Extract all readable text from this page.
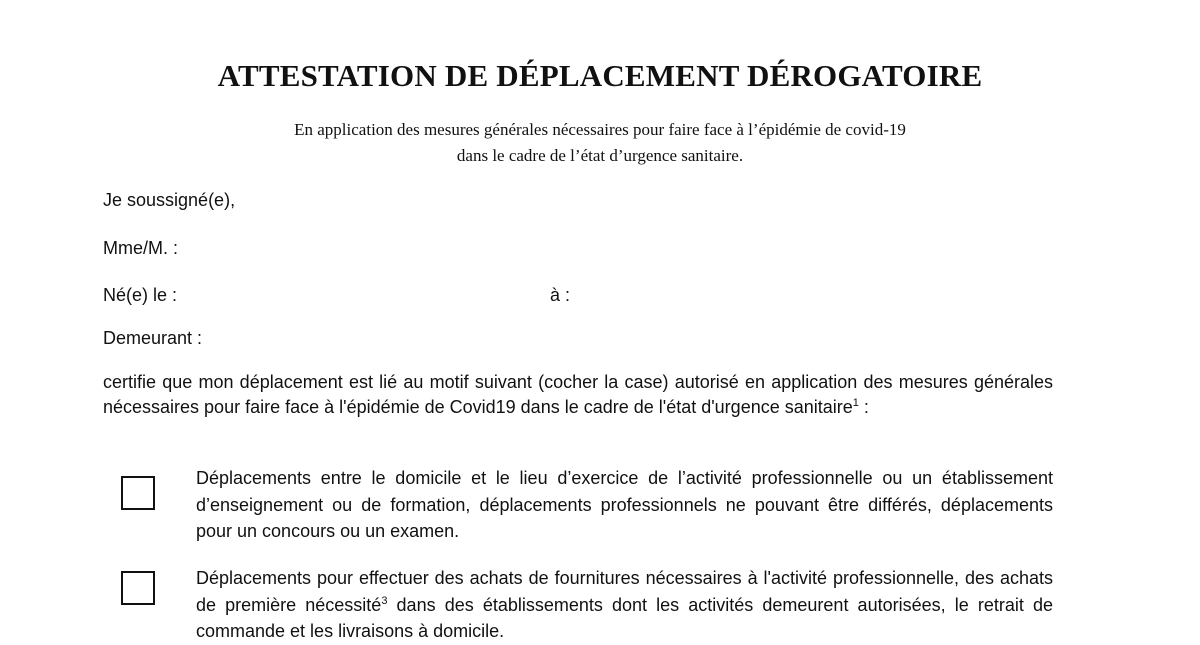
ATTESTATION DE DÉPLACEMENT DÉROGATOIRE

En application des mesures générales nécessaires pour faire face à l’épidémie de covid-19

dans le cadre de l’état d’urgence sanitaire.

Je soussigné(e),

Mme/M. :

Né(e) le :	à :

Demeurant :

certifie que mon déplacement est lié au motif suivant (cocher la case) autorisé en application des mesures générales nécessaires pour faire face à l'épidémie de Covid19 dans le cadre de l'état d'urgence sanitaire$^1$ :

Déplacements entre le domicile et le lieu d’exercice de l’activité professionnelle ou un établissement d’enseignement ou de formation, déplacements professionnels ne pouvant être différés, déplacements pour un concours ou un examen.

Déplacements pour effectuer des achats de fournitures nécessaires à l'activité professionnelle, des achats de première nécessité$^3$ dans des établissements dont les activités demeurent autorisées, le retrait de commande et les livraisons à domicile.
